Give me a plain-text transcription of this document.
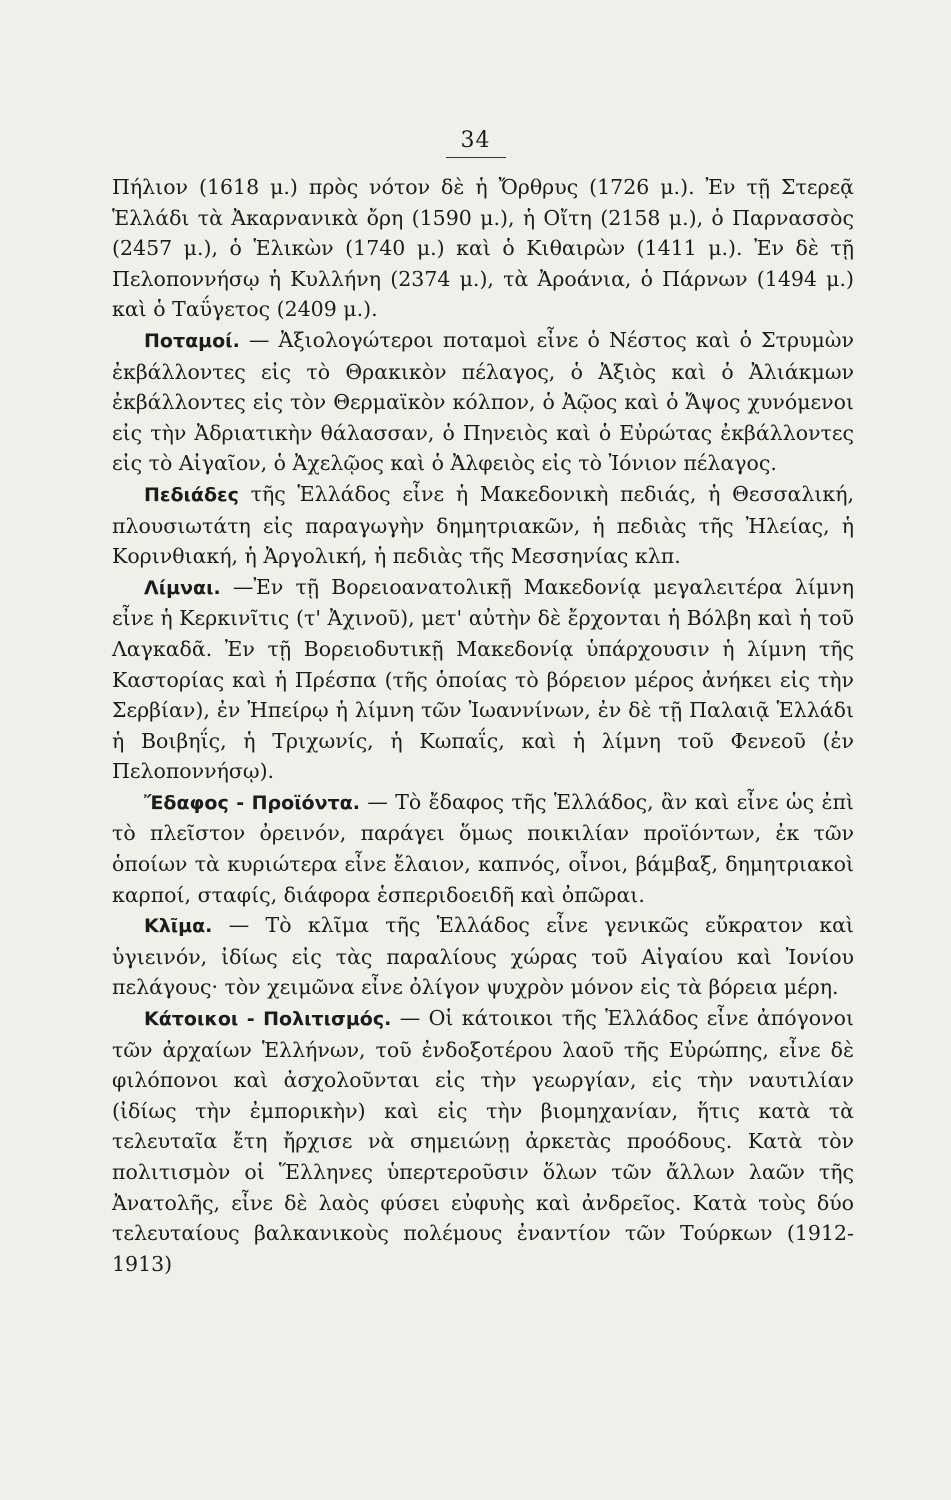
34

Πήλιον (1618 μ.) πρὸς νότον δὲ ἡ Ὄρθρυς (1726 μ.). Ἐν τῇ Στερεᾷ Ἑλλάδι τὰ Ἀκαρνανικὰ ὄρη (1590 μ.), ἡ Οἴτη (2158 μ.), ὁ Παρνασσὸς (2457 μ.), ὁ Ἑλικὼν (1740 μ.) καὶ ὁ Κιθαιρὼν (1411 μ.). Ἐν δὲ τῇ Πελοποννήσῳ ἡ Κυλλήνη (2374 μ.), τὰ Ἀροάνια, ὁ Πάρνων (1494 μ.) καὶ ὁ Ταΰγετος (2409 μ.).

Ποταμοί. — Ἀξιολογώτεροι ποταμοὶ εἶνε ὁ Νέστος καὶ ὁ Στρυμὼν ἐκβάλλοντες εἰς τὸ Θρακικὸν πέλαγος, ὁ Ἀξιὸς καὶ ὁ Ἀλιάκμων ἐκβάλλοντες εἰς τὸν Θερμαϊκὸν κόλπον, ὁ Ἀῷος καὶ ὁ Ἄψος χυνόμενοι εἰς τὴν Ἀδριατικὴν θάλασσαν, ὁ Πηνειὸς καὶ ὁ Εὐρώτας ἐκβάλλοντες εἰς τὸ Αἰγαῖον, ὁ Ἀχελῷος καὶ ὁ Ἀλφειὸς εἰς τὸ Ἰόνιον πέλαγος.

Πεδιάδες τῆς Ἑλλάδος εἶνε ἡ Μακεδονικὴ πεδιάς, ἡ Θεσσαλική, πλουσιωτάτη εἰς παραγωγὴν δημητριακῶν, ἡ πεδιὰς τῆς Ἠλείας, ἡ Κορινθιακή, ἡ Ἀργολική, ἡ πεδιὰς τῆς Μεσσηνίας κλπ.

Λίμναι. —Ἐν τῇ Βορειοανατολικῇ Μακεδονίᾳ μεγαλειτέρα λίμνη εἶνε ἡ Κερκινῖτις (τ' Ἀχινοῦ), μετ' αὐτὴν δὲ ἔρχονται ἡ Βόλβη καὶ ἡ τοῦ Λαγκαδᾶ. Ἐν τῇ Βορειοδυτικῇ Μακεδονίᾳ ὑπάρχουσιν ἡ λίμνη τῆς Καστορίας καὶ ἡ Πρέσπα (τῆς ὁποίας τὸ βόρειον μέρος ἀνήκει εἰς τὴν Σερβίαν), ἐν Ἠπείρῳ ἡ λίμνη τῶν Ἰωαννίνων, ἐν δὲ τῇ Παλαιᾷ Ἑλλάδι ἡ Βοιβηΐς, ἡ Τριχωνίς, ἡ Κωπαΐς, καὶ ἡ λίμνη τοῦ Φενεοῦ (ἐν Πελοποννήσῳ).

Ἔδαφος - Προϊόντα. — Τὸ ἔδαφος τῆς Ἑλλάδος, ἂν καὶ εἶνε ὡς ἐπὶ τὸ πλεῖστον ὀρεινόν, παράγει ὅμως ποικιλίαν προϊόντων, ἐκ τῶν ὁποίων τὰ κυριώτερα εἶνε ἔλαιον, καπνός, οἶνοι, βάμβαξ, δημητριακοὶ καρποί, σταφίς, διάφορα ἑσπεριδοειδῆ καὶ ὀπῶραι.

Κλῖμα. — Τὸ κλῖμα τῆς Ἑλλάδος εἶνε γενικῶς εὔκρατον καὶ ὑγιεινόν, ἰδίως εἰς τὰς παραλίους χώρας τοῦ Αἰγαίου καὶ Ἰονίου πελάγους· τὸν χειμῶνα εἶνε ὀλίγον ψυχρὸν μόνον εἰς τὰ βόρεια μέρη.

Κάτοικοι - Πολιτισμός. — Οἱ κάτοικοι τῆς Ἑλλάδος εἶνε ἀπόγονοι τῶν ἀρχαίων Ἑλλήνων, τοῦ ἐνδοξοτέρου λαοῦ τῆς Εὐρώπης, εἶνε δὲ φιλόπονοι καὶ ἀσχολοῦνται εἰς τὴν γεωργίαν, εἰς τὴν ναυτιλίαν (ἰδίως τὴν ἐμπορικὴν) καὶ εἰς τὴν βιομηχανίαν, ἥτις κατὰ τὰ τελευταῖα ἔτη ἤρχισε νὰ σημειώνῃ ἀρκετὰς προόδους. Κατὰ τὸν πολιτισμὸν οἱ Ἕλληνες ὑπερτεροῦσιν ὅλων τῶν ἄλλων λαῶν τῆς Ἀνατολῆς, εἶνε δὲ λαὸς φύσει εὐφυὴς καὶ ἀνδρεῖος. Κατὰ τοὺς δύο τελευταίους βαλκανικοὺς πολέμους ἐναντίον τῶν Τούρκων (1912-1913)
